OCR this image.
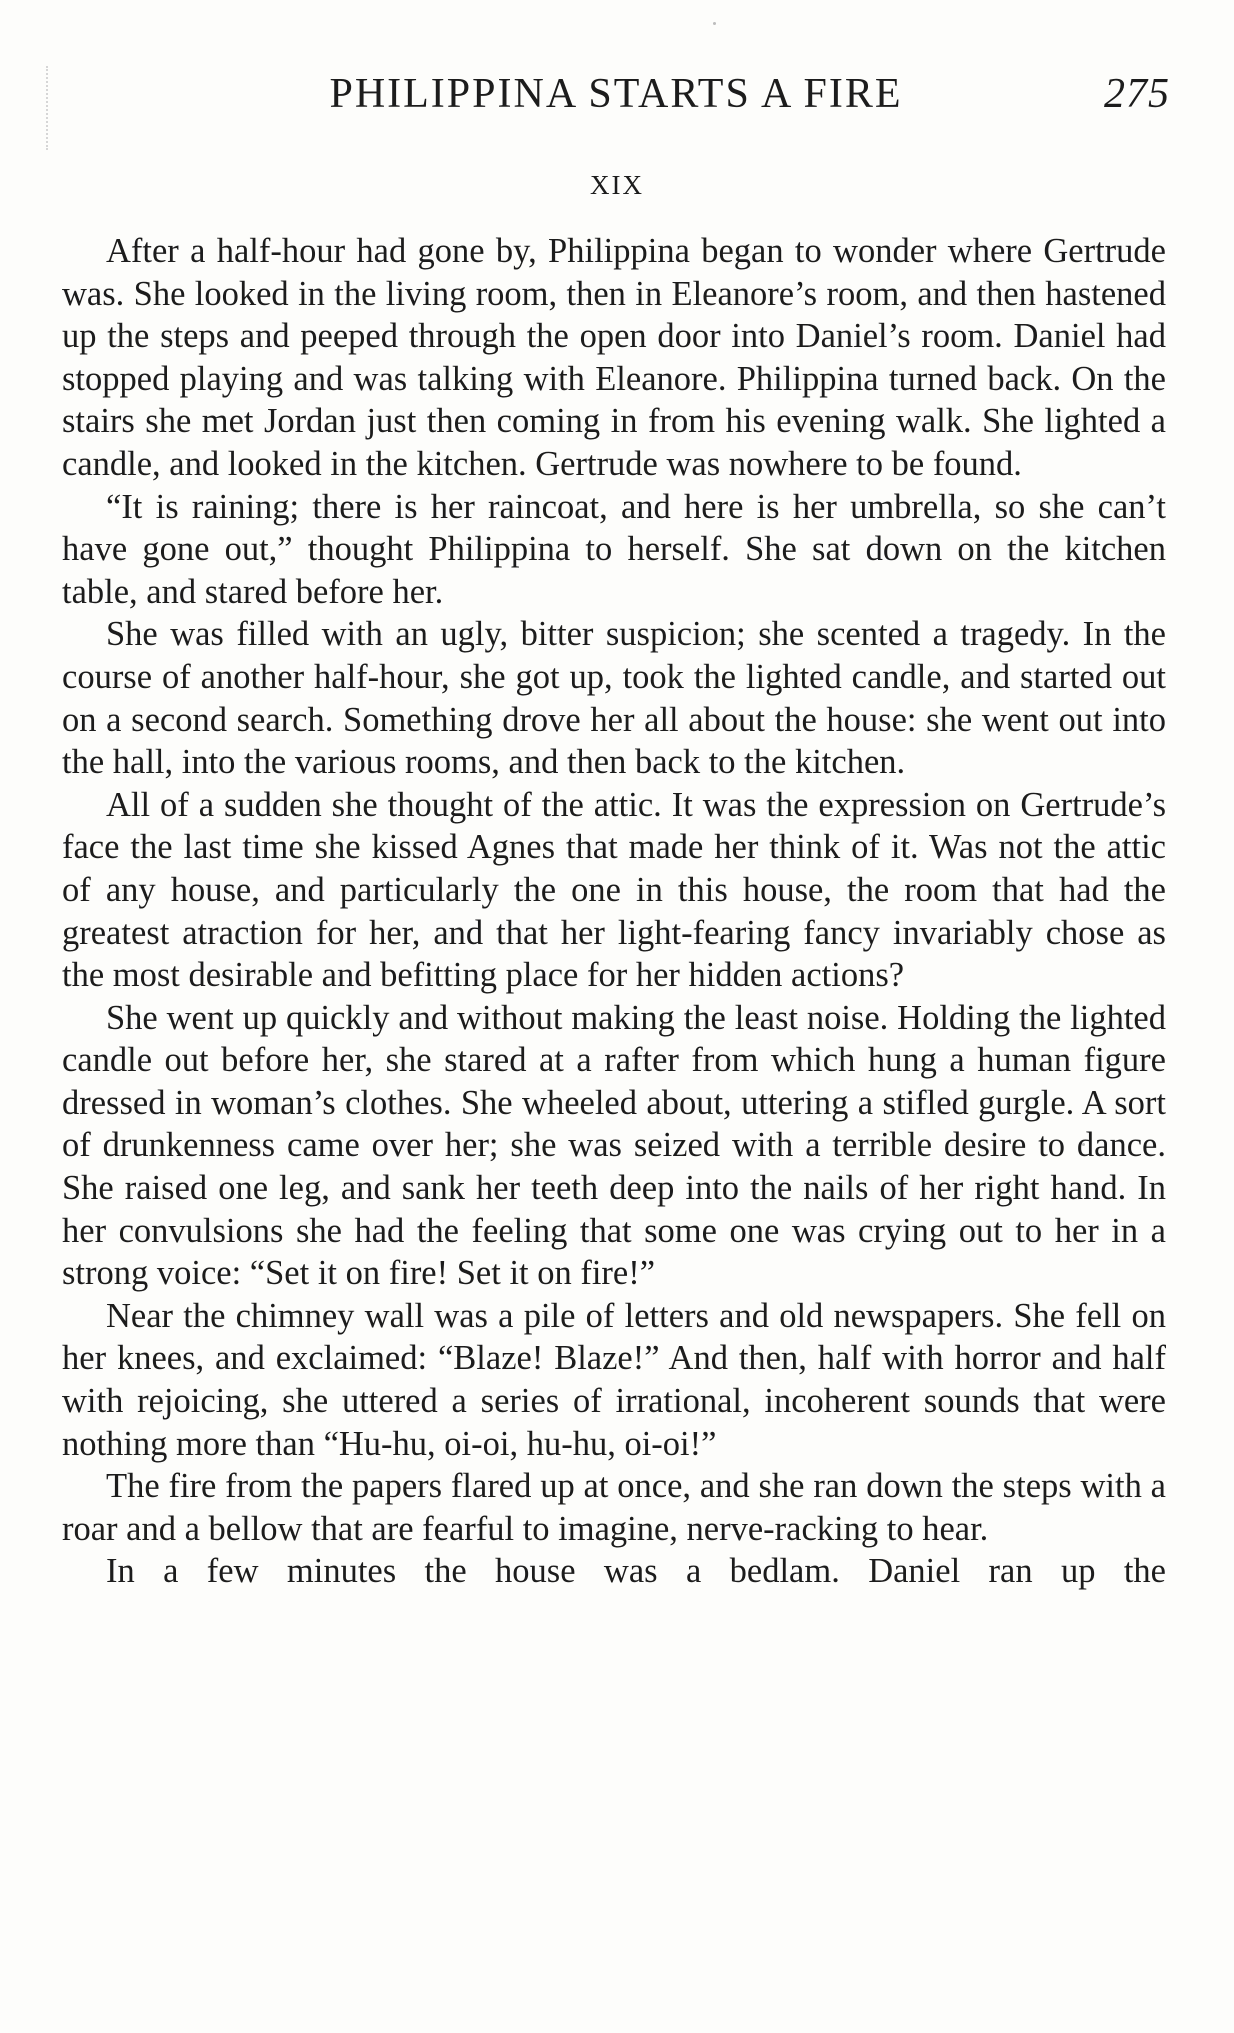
PHILIPPINA STARTS A FIRE	275
XIX

After a half-hour had gone by, Philippina began to wonder where Gertrude was. She looked in the living room, then in Eleanore’s room, and then hastened up the steps and peeped through the open door into Daniel’s room. Daniel had stopped playing and was talking with Eleanore. Philippina turned back. On the stairs she met Jordan just then coming in from his evening walk. She lighted a candle, and looked in the kitchen. Gertrude was nowhere to be found.

“It is raining; there is her raincoat, and here is her umbrella, so she can’t have gone out,” thought Philippina to herself. She sat down on the kitchen table, and stared before her.

She was filled with an ugly, bitter suspicion; she scented a tragedy. In the course of another half-hour, she got up, took the lighted candle, and started out on a second search. Something drove her all about the house: she went out into the hall, into the various rooms, and then back to the kitchen.

All of a sudden she thought of the attic. It was the expression on Gertrude’s face the last time she kissed Agnes that made her think of it. Was not the attic of any house, and particularly the one in this house, the room that had the greatest atraction for her, and that her light-fearing fancy invariably chose as the most desirable and befitting place for her hidden actions?

She went up quickly and without making the least noise. Holding the lighted candle out before her, she stared at a rafter from which hung a human figure dressed in woman’s clothes. She wheeled about, uttering a stifled gurgle. A sort of drunkenness came over her; she was seized with a terrible desire to dance. She raised one leg, and sank her teeth deep into the nails of her right hand. In her convulsions she had the feeling that some one was crying out to her in a strong voice: “Set it on fire! Set it on fire!”

Near the chimney wall was a pile of letters and old newspapers. She fell on her knees, and exclaimed: “Blaze! Blaze!” And then, half with horror and half with rejoicing, she uttered a series of irrational, incoherent sounds that were nothing more than “Hu-hu, oi-oi, hu-hu, oi-oi!”

The fire from the papers flared up at once, and she ran down the steps with a roar and a bellow that are fearful to imagine, nerve-racking to hear.

In a few minutes the house was a bedlam. Daniel ran up the
